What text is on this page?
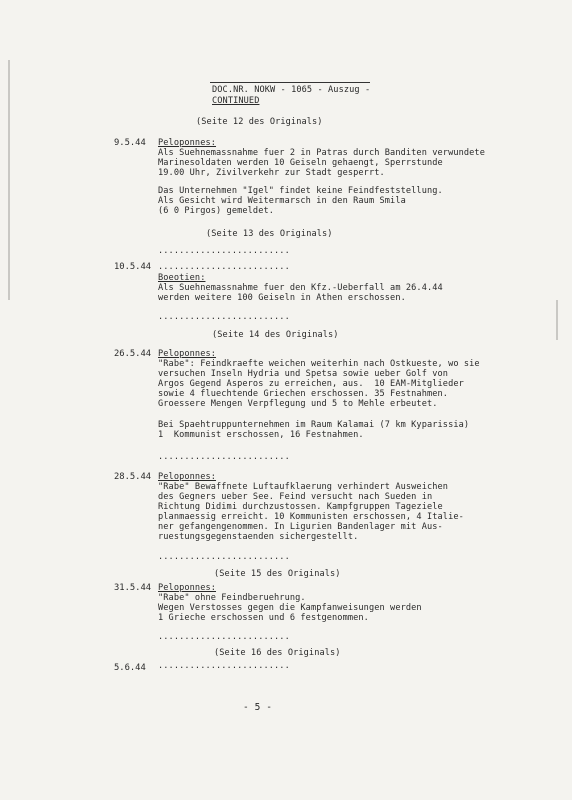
DOC.NR. NOKW - 1065 - Auszug -
CONTINUED
(Seite 12 des Originals)
9.5.44 Peloponnes:
Als Suehnemassnahme fuer 2 in Patras durch Banditen verwundete
Marinesoldaten werden 10 Geiseln gehaengt, Sperrstunde
19.00 Uhr, Zivilverkehr zur Stadt gesperrt.
Das Unternehmen "Igel" findet keine Feindfeststellung.
Als Gesicht wird Weitermarsch in den Raum Smila
(6 0 Pirgos) gemeldet.
(Seite 13 des Originals)
.........................
10.5.44 .........................
Boeotien:
Als Suehnemassnahme fuer den Kfz.-Ueberfall am 26.4.44
werden weitere 100 Geiseln in Athen erschossen.
.........................
(Seite 14 des Originals)
26.5.44 Peloponnes:
"Rabe": Feindkraefte weichen weiterhin nach Ostkueste, wo sie
versuchen Inseln Hydria und Spetsa sowie ueber Golf von
Argos Gegend Asperos zu erreichen, aus.  10 EAM-Mitglieder
sowie 4 fluechtende Griechen erschossen. 35 Festnahmen.
Groessere Mengen Verpflegung und 5 to Mehle erbeutet.
Bei Spaehtruppunternehmen im Raum Kalamai (7 km Kyparissia)
1  Kommunist erschossen, 16 Festnahmen.
.........................
28.5.44 Peloponnes:
"Rabe" Bewaffnete Luftaufklaerung verhindert Ausweichen
des Gegners ueber See. Feind versucht nach Sueden in
Richtung Didimi durchzustossen. Kampfgruppen Tageziele
planmaessig erreicht. 10 Kommunisten erschossen, 4 Italie-
ner gefangengenommen. In Ligurien Bandenlager mit Aus-
ruestungsgegenstaenden sichergestellt.
.........................
(Seite 15 des Originals)
31.5.44 Peloponnes:
"Rabe" ohne Feindberuehrung.
Wegen Verstosses gegen die Kampfanweisungen werden
1 Grieche erschossen und 6 festgenommen.
.........................
(Seite 16 des Originals)
5.6.44 .........................
- 5 -
